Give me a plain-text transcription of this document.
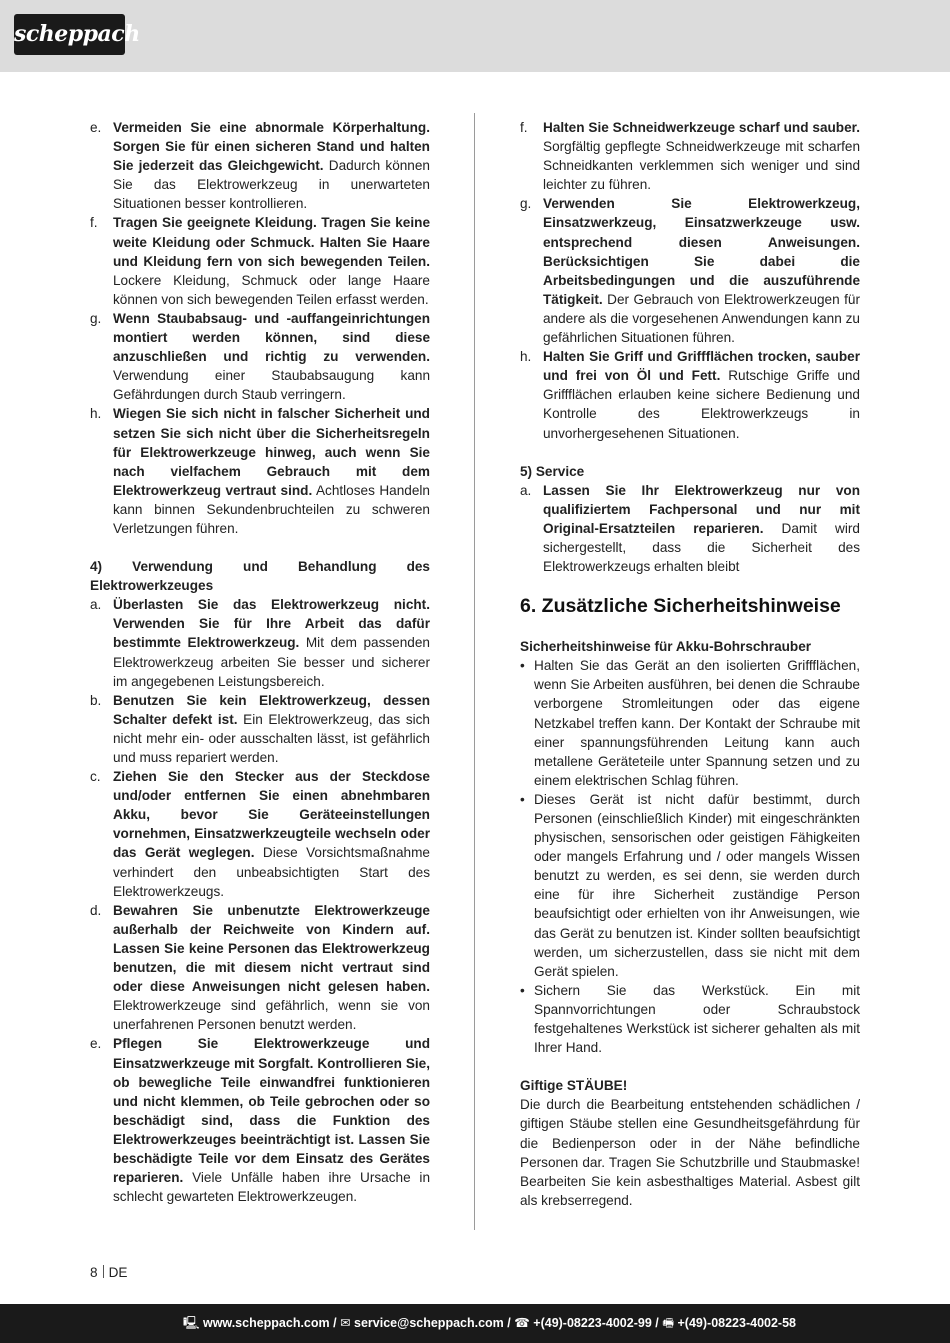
scheppach
e. Vermeiden Sie eine abnormale Körperhaltung. Sorgen Sie für einen sicheren Stand und halten Sie jederzeit das Gleichgewicht. Dadurch können Sie das Elektrowerkzeug in unerwarteten Situationen besser kontrollieren.
f. Tragen Sie geeignete Kleidung. Tragen Sie keine weite Kleidung oder Schmuck. Halten Sie Haare und Kleidung fern von sich bewegenden Teilen. Lockere Kleidung, Schmuck oder lange Haare können von sich bewegenden Teilen erfasst werden.
g. Wenn Staubabsaug- und -auffangeinrichtungen montiert werden können, sind diese anzuschließen und richtig zu verwenden. Verwendung einer Staubabsaugung kann Gefährdungen durch Staub verringern.
h. Wiegen Sie sich nicht in falscher Sicherheit und setzen Sie sich nicht über die Sicherheitsregeln für Elektrowerkzeuge hinweg, auch wenn Sie nach vielfachem Gebrauch mit dem Elektrowerkzeug vertraut sind. Achtloses Handeln kann binnen Sekundenbruchteilen zu schweren Verletzungen führen.
4) Verwendung und Behandlung des Elektrowerkzeuges
a. Überlasten Sie das Elektrowerkzeug nicht. Verwenden Sie für Ihre Arbeit das dafür bestimmte Elektrowerkzeug. Mit dem passenden Elektrowerkzeug arbeiten Sie besser und sicherer im angegebenen Leistungsbereich.
b. Benutzen Sie kein Elektrowerkzeug, dessen Schalter defekt ist. Ein Elektrowerkzeug, das sich nicht mehr ein- oder ausschalten lässt, ist gefährlich und muss repariert werden.
c. Ziehen Sie den Stecker aus der Steckdose und/oder entfernen Sie einen abnehmbaren Akku, bevor Sie Geräteeinstellungen vornehmen, Einsatzwerkzeugteile wechseln oder das Gerät weglegen. Diese Vorsichtsmaßnahme verhindert den unbeabsichtigten Start des Elektrowerkzeugs.
d. Bewahren Sie unbenutzte Elektrowerkzeuge außerhalb der Reichweite von Kindern auf. Lassen Sie keine Personen das Elektrowerkzeug benutzen, die mit diesem nicht vertraut sind oder diese Anweisungen nicht gelesen haben. Elektrowerkzeuge sind gefährlich, wenn sie von unerfahrenen Personen benutzt werden.
e. Pflegen Sie Elektrowerkzeuge und Einsatzwerkzeuge mit Sorgfalt. Kontrollieren Sie, ob bewegliche Teile einwandfrei funktionieren und nicht klemmen, ob Teile gebrochen oder so beschädigt sind, dass die Funktion des Elektrowerkzeuges beeinträchtigt ist. Lassen Sie beschädigte Teile vor dem Einsatz des Gerätes reparieren. Viele Unfälle haben ihre Ursache in schlecht gewarteten Elektrowerkzeugen.
f. Halten Sie Schneidwerkzeuge scharf und sauber. Sorgfältig gepflegte Schneidwerkzeuge mit scharfen Schneidkanten verklemmen sich weniger und sind leichter zu führen.
g. Verwenden Sie Elektrowerkzeug, Einsatzwerkzeug, Einsatzwerkzeuge usw. entsprechend diesen Anweisungen. Berücksichtigen Sie dabei die Arbeitsbedingungen und die auszuführende Tätigkeit. Der Gebrauch von Elektrowerkzeugen für andere als die vorgesehenen Anwendungen kann zu gefährlichen Situationen führen.
h. Halten Sie Griff und Griffflächen trocken, sauber und frei von Öl und Fett. Rutschige Griffe und Griffflächen erlauben keine sichere Bedienung und Kontrolle des Elektrowerkzeugs in unvorhergesehenen Situationen.
5) Service
a. Lassen Sie Ihr Elektrowerkzeug nur von qualifiziertem Fachpersonal und nur mit Original-Ersatzteilen reparieren. Damit wird sichergestellt, dass die Sicherheit des Elektrowerkzeugs erhalten bleibt
6. Zusätzliche Sicherheitshinweise
Sicherheitshinweise für Akku-Bohrschrauber
• Halten Sie das Gerät an den isolierten Griffflächen, wenn Sie Arbeiten ausführen, bei denen die Schraube verborgene Stromleitungen oder das eigene Netzkabel treffen kann. Der Kontakt der Schraube mit einer spannungsführenden Leitung kann auch metallene Geräteteile unter Spannung setzen und zu einem elektrischen Schlag führen.
• Dieses Gerät ist nicht dafür bestimmt, durch Personen (einschließlich Kinder) mit eingeschränkten physischen, sensorischen oder geistigen Fähigkeiten oder mangels Erfahrung und / oder mangels Wissen benutzt zu werden, es sei denn, sie werden durch eine für ihre Sicherheit zuständige Person beaufsichtigt oder erhielten von ihr Anweisungen, wie das Gerät zu benutzen ist. Kinder sollten beaufsichtigt werden, um sicherzustellen, dass sie nicht mit dem Gerät spielen.
• Sichern Sie das Werkstück. Ein mit Spannvorrichtungen oder Schraubstock festgehaltenes Werkstück ist sicherer gehalten als mit Ihrer Hand.
Giftige STÄUBE!
Die durch die Bearbeitung entstehenden schädlichen / giftigen Stäube stellen eine Gesundheitsgefährdung für die Bedienperson oder in der Nähe befindliche Personen dar. Tragen Sie Schutzbrille und Staubmaske! Bearbeiten Sie kein asbesthaltiges Material. Asbest gilt als krebserregend.
8 DE
🖳 www.scheppach.com / ✉ service@scheppach.com / ☎ +(49)-08223-4002-99 / 🖷 +(49)-08223-4002-58
